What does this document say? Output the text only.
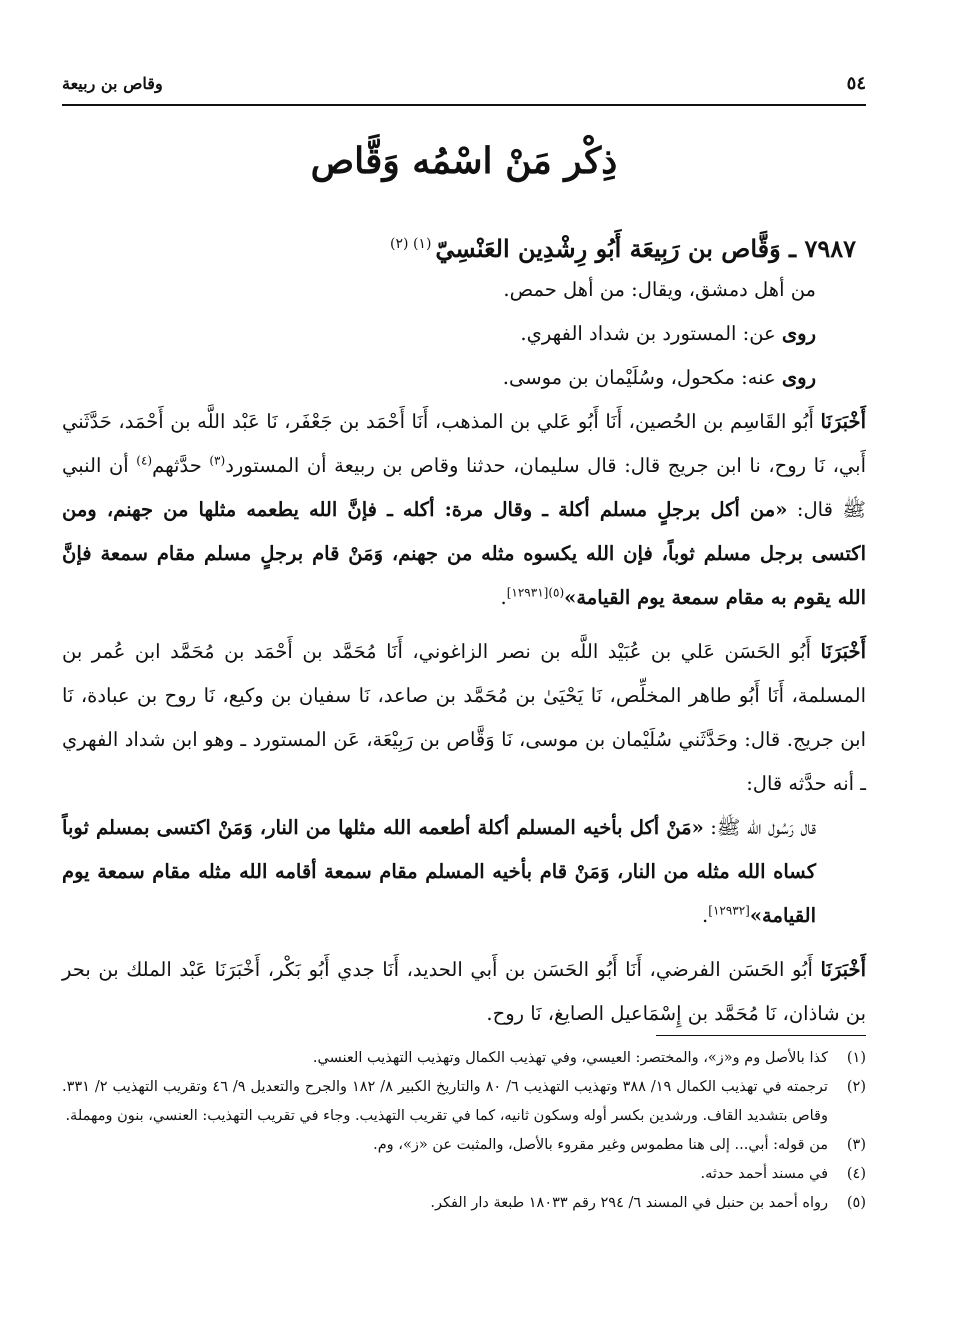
٥٤
وقاص بن ربيعة
ذِكْر مَنْ اسْمُه وَقَّاص
٧٩٨٧ ـ وَقَّاص بن رَبِيعَة أَبُو رِشْدِين العَنْسِيّ$^{(١) (٢)}$

من أهل دمشق، ويقال: من أهل حمص.

روى عن: المستورد بن شداد الفهري.

روى عنه: مكحول، وسُلَيْمان بن موسى.

أَخْبَرَنَا أَبُو القَاسِم بن الحُصين، أَنَا أَبُو عَلي بن المذهب، أَنَا أَحْمَد بن جَعْفَر، نَا عَبْد اللَّه بن أَحْمَد، حَدَّثَني أَبي، نَا روح، نا ابن جريج قال: قال سليمان، حدثنا وقاص بن ربيعة أن المستورد$^{(٣)}$ حدَّثهم$^{(٤)}$ أن النبي ﷺ قال: «من أكل برجلٍ مسلم أكلة ـ وقال مرة: أكله ـ فإنَّ الله يطعمه مثلها من جهنم، ومن اكتسى برجل مسلم ثوباً، فإن الله يكسوه مثله من جهنم، وَمَنْ قام برجلٍ مسلم مقام سمعة فإنَّ الله يقوم به مقام سمعة يوم القيامة»$^{(٥)[١٢٩٣١]}$.

أَخْبَرَنَا أَبُو الحَسَن عَلي بن عُبَيْد اللَّه بن نصر الزاغوني، أَنَا مُحَمَّد بن أَحْمَد بن مُحَمَّد ابن عُمر بن المسلمة، أَنَا أَبُو طاهر المخلِّص، نَا يَحْيَىٰ بن مُحَمَّد بن صاعد، نَا سفيان بن وكيع، نَا روح بن عبادة، نَا ابن جريج. قال: وحَدَّثَني سُلَيْمان بن موسى، نَا وَقَّاص بن رَبِيْعَة، عَن المستورد ـ وهو ابن شداد الفهري ـ أنه حدَّثه قال:

قال رَسُول الله ﷺ: «مَنْ أكل بأخيه المسلم أكلة أطعمه الله مثلها من النار، وَمَنْ اكتسى بمسلم ثوباً كساه الله مثله من النار، وَمَنْ قام بأخيه المسلم مقام سمعة أقامه الله مثله مقام سمعة يوم القيامة»[١٢٩٣٢].

أَخْبَرَنَا أَبُو الحَسَن الفرضي، أَنَا أَبُو الحَسَن بن أَبي الحديد، أَنَا جدي أَبُو بَكْر، أَخْبَرَنَا عَبْد الملك بن بحر بن شاذان، نَا مُحَمَّد بن إِسْمَاعيل الصايغ، نَا روح.

(١)
كذا بالأصل وم و«ز»، والمختصر: العيسي، وفي تهذيب الكمال وتهذيب التهذيب العنسي.
(٢)
ترجمته في تهذيب الكمال ١٩/ ٣٨٨ وتهذيب التهذيب ٦/ ٨٠ والتاريخ الكبير ٨/ ١٨٢ والجرح والتعديل ٩/ ٤٦ وتقريب التهذيب ٢/ ٣٣١. وقاص بتشديد القاف. ورشدين بكسر أوله وسكون ثانيه، كما في تقريب التهذيب. وجاء في تقريب التهذيب: العنسي، بنون ومهملة.
(٣)
من قوله: أبي... إلى هنا مطموس وغير مقروء بالأصل، والمثبت عن «ز»، وم.
(٤)
في مسند أحمد حدثه.
(٥)
رواه أحمد بن حنبل في المسند ٦/ ٢٩٤ رقم ١٨٠٣٣ طبعة دار الفكر.
